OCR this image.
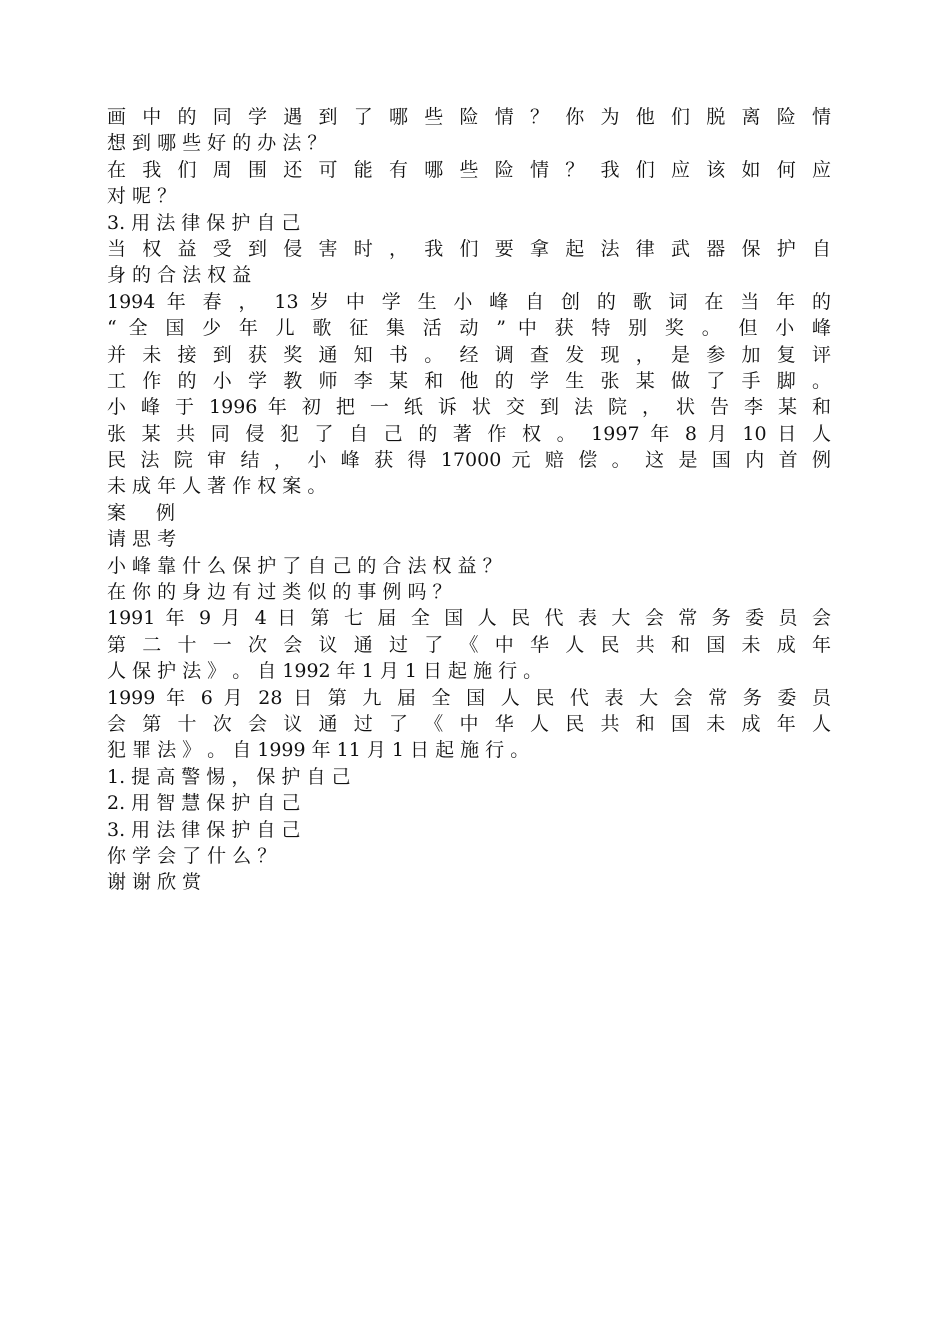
画 中 的 同 学 遇 到 了 哪 些 险 情 ？ 你 为 他 们 脱 离 险 情
想 到 哪 些 好 的 办 法 ？
在 我 们 周 围 还 可 能 有 哪 些 险 情 ？ 我 们 应 该 如 何 应
对 呢 ？
3. 用 法 律 保 护 自 己
当 权 益 受 到 侵 害 时 ， 我 们 要 拿 起 法 律 武 器 保 护 自
身 的 合 法 权 益
1994 年 春 ， 13 岁 中 学 生 小 峰 自 创 的 歌 词 在 当 年 的
“ 全 国 少 年 儿 歌 征 集 活 动 ” 中 获 特 别 奖 。 但 小 峰
并 未 接 到 获 奖 通 知 书 。 经 调 查 发 现 ， 是 参 加 复 评
工 作 的 小 学 教 师 李 某 和 他 的 学 生 张 某 做 了 手 脚 。
小 峰 于 1996 年 初 把 一 纸 诉 状 交 到 法 院 ， 状 告 李 某 和
张 某 共 同 侵 犯 了 自 己 的 著 作 权 。 1997 年 8 月 10 日 人
民 法 院 审 结 ， 小 峰 获 得 17000 元 赔 偿 。 这 是 国 内 首 例
未 成 年 人 著 作 权 案 。
案 例
请 思 考
小 峰 靠 什 么 保 护 了 自 己 的 合 法 权 益 ？
在 你 的 身 边 有 过 类 似 的 事 例 吗 ？
1991 年 9 月 4 日 第 七 届 全 国 人 民 代 表 大 会 常 务 委 员 会
第 二 十 一 次 会 议 通 过 了 《 中 华 人 民 共 和 国 未 成 年
人 保 护 法 》 。 自 1992 年 1 月 1 日 起 施 行 。
1999 年 6 月 28 日 第 九 届 全 国 人 民 代 表 大 会 常 务 委 员
会 第 十 次 会 议 通 过 了 《 中 华 人 民 共 和 国 未 成 年 人
犯 罪 法 》 。 自 1999 年 11 月 1 日 起 施 行 。
1. 提 高 警 惕 ， 保 护 自 己
2. 用 智 慧 保 护 自 己
3. 用 法 律 保 护 自 己
你 学 会 了 什 么 ？
谢 谢 欣 赏
